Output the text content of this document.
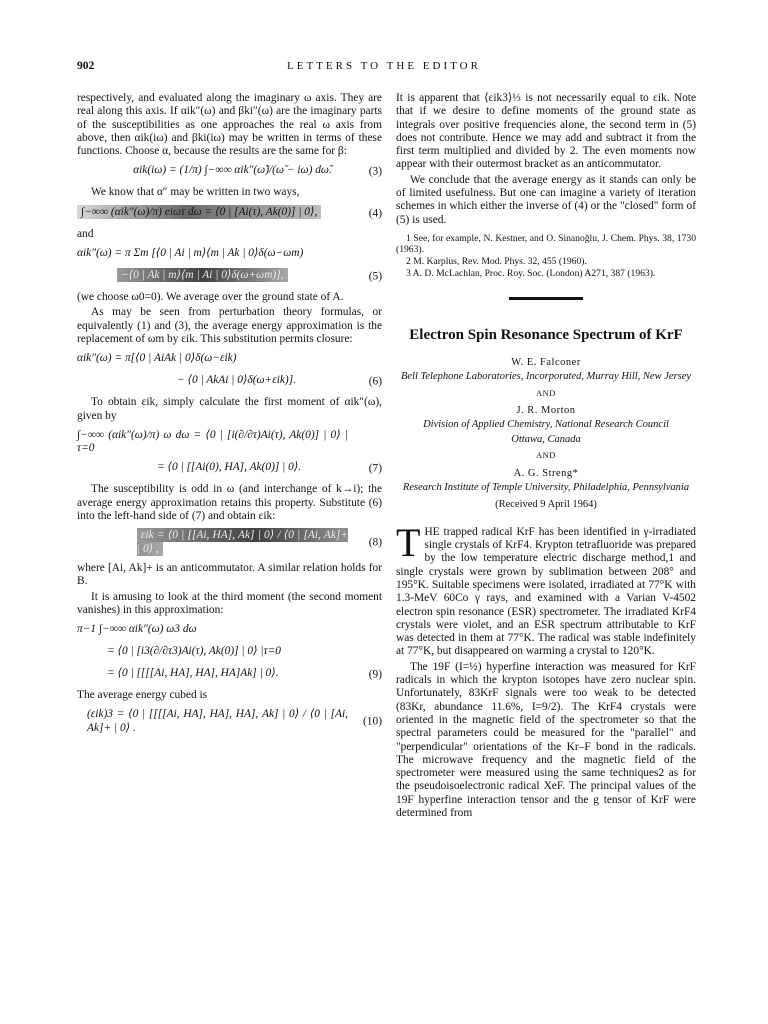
902	LETTERS TO THE EDITOR

respectively, and evaluated along the imaginary ω axis. They are real along this axis. If αik″(ω) and βki″(ω) are the imaginary parts of the susceptibilities as one approaches the real ω axis from above, then αik(iω) and βki(iω) may be written in terms of these functions. Choose α, because the results are the same for β:

αik(iω) = (1/π) ∫−∞∞ αik″(ω̃)/(ω̃ − iω) dω̃.	(3)

We know that α″ may be written in two ways,

∫−∞∞ (αik″(ω)/π) eiωτ dω = ⟨0 | [Ai(τ), Ak(0)] | 0⟩,	(4)

and

αik″(ω) = π Σm [⟨0 | Ai | m⟩⟨m | Ak | 0⟩δ(ω−ωm)
−⟨0 | Ak | m⟩⟨m | Ai | 0⟩δ(ω+ωm)],	(5)

(we choose ω0=0). We average over the ground state of A.

As may be seen from perturbation theory formulas, or equivalently (1) and (3), the average energy approximation is the replacement of ωm by εik. This substitution permits closure:

αik″(ω) = π[⟨0 | AiAk | 0⟩δ(ω−εik)
− ⟨0 | AkAi | 0⟩δ(ω+εik)].	(6)

To obtain εik, simply calculate the first moment of αik″(ω), given by

∫−∞∞ (αik″(ω)/π) ω dω = ⟨0 | [i(∂/∂τ)Ai(τ), Ak(0)] | 0⟩ |τ=0
= ⟨0 | [[Ai(0), HA], Ak(0)] | 0⟩.	(7)

The susceptibility is odd in ω (and interchange of k→i); the average energy approximation retains this property. Substitute (6) into the left-hand side of (7) and obtain εik:

εik = ⟨0 | [[Ai, HA], Ak] | 0⟩ / ⟨0 | [Ai, Ak]+ | 0⟩ ,
(8)

where [Ai, Ak]+ is an anticommutator. A similar relation holds for B.

It is amusing to look at the third moment (the second moment vanishes) in this approximation:

π−1 ∫−∞∞ αik″(ω) ω3 dω
= ⟨0 | [i3(∂/∂τ3)Ai(τ), Ak(0)] | 0⟩ |τ=0
= ⟨0 | [[[[Ai, HA], HA], HA]Ak] | 0⟩.	(9)

The average energy cubed is

(εik)3 = ⟨0 | [[[[Ai, HA], HA], HA], Ak] | 0⟩ / ⟨0 | [Ai, Ak]+ | 0⟩ .
(10)

It is apparent that ⟨εik3⟩⅓ is not necessarily equal to εik. Note that if we desire to define moments of the ground state as integrals over positive frequencies alone, the second term in (5) does not contribute. Hence we may add and subtract it from the first term multiplied and divided by 2. The even moments now appear with their outermost bracket as an anticommutator.

We conclude that the average energy as it stands can only be of limited usefulness. But one can imagine a variety of iteration schemes in which either the inverse of (4) or the "closed" form of (5) is used.

1 See, for example, N. Kestner, and O. Sinanoğlu, J. Chem. Phys. 38, 1730 (1963).

2 M. Karplus, Rev. Mod. Phys. 32, 455 (1960).

3 A. D. McLachlan, Proc. Roy. Soc. (London) A271, 387 (1963).

Electron Spin Resonance Spectrum of KrF
W. E. Falconer
Bell Telephone Laboratories, Incorporated, Murray Hill, New Jersey
AND
J. R. Morton
Division of Applied Chemistry, National Research Council
Ottawa, Canada
AND
A. G. Streng*
Research Institute of Temple University, Philadelphia, Pennsylvania
(Received 9 April 1964)

THE trapped radical KrF has been identified in γ-irradiated single crystals of KrF4. Krypton tetrafluoride was prepared by the low temperature electric discharge method,1 and single crystals were grown by sublimation between 208° and 195°K. Suitable specimens were isolated, irradiated at 77°K with 1.3-MeV 60Co γ rays, and examined with a Varian V-4502 electron spin resonance (ESR) spectrometer. The irradiated KrF4 crystals were violet, and an ESR spectrum attributable to KrF was detected in them at 77°K. The radical was stable indefinitely at 77°K, but disappeared on warming a crystal to 120°K.

The 19F (I=½) hyperfine interaction was measured for KrF radicals in which the krypton isotopes have zero nuclear spin. Unfortunately, 83KrF signals were too weak to be detected (83Kr, abundance 11.6%, I=9/2). The KrF4 crystals were oriented in the magnetic field of the spectrometer so that the spectral parameters could be measured for the "parallel" and "perpendicular" orientations of the Kr–F bond in the radicals. The microwave frequency and the magnetic field of the spectrometer were measured using the same techniques2 as for the pseudoisoelectronic radical XeF. The principal values of the 19F hyperfine interaction tensor and the g tensor of KrF were determined from
